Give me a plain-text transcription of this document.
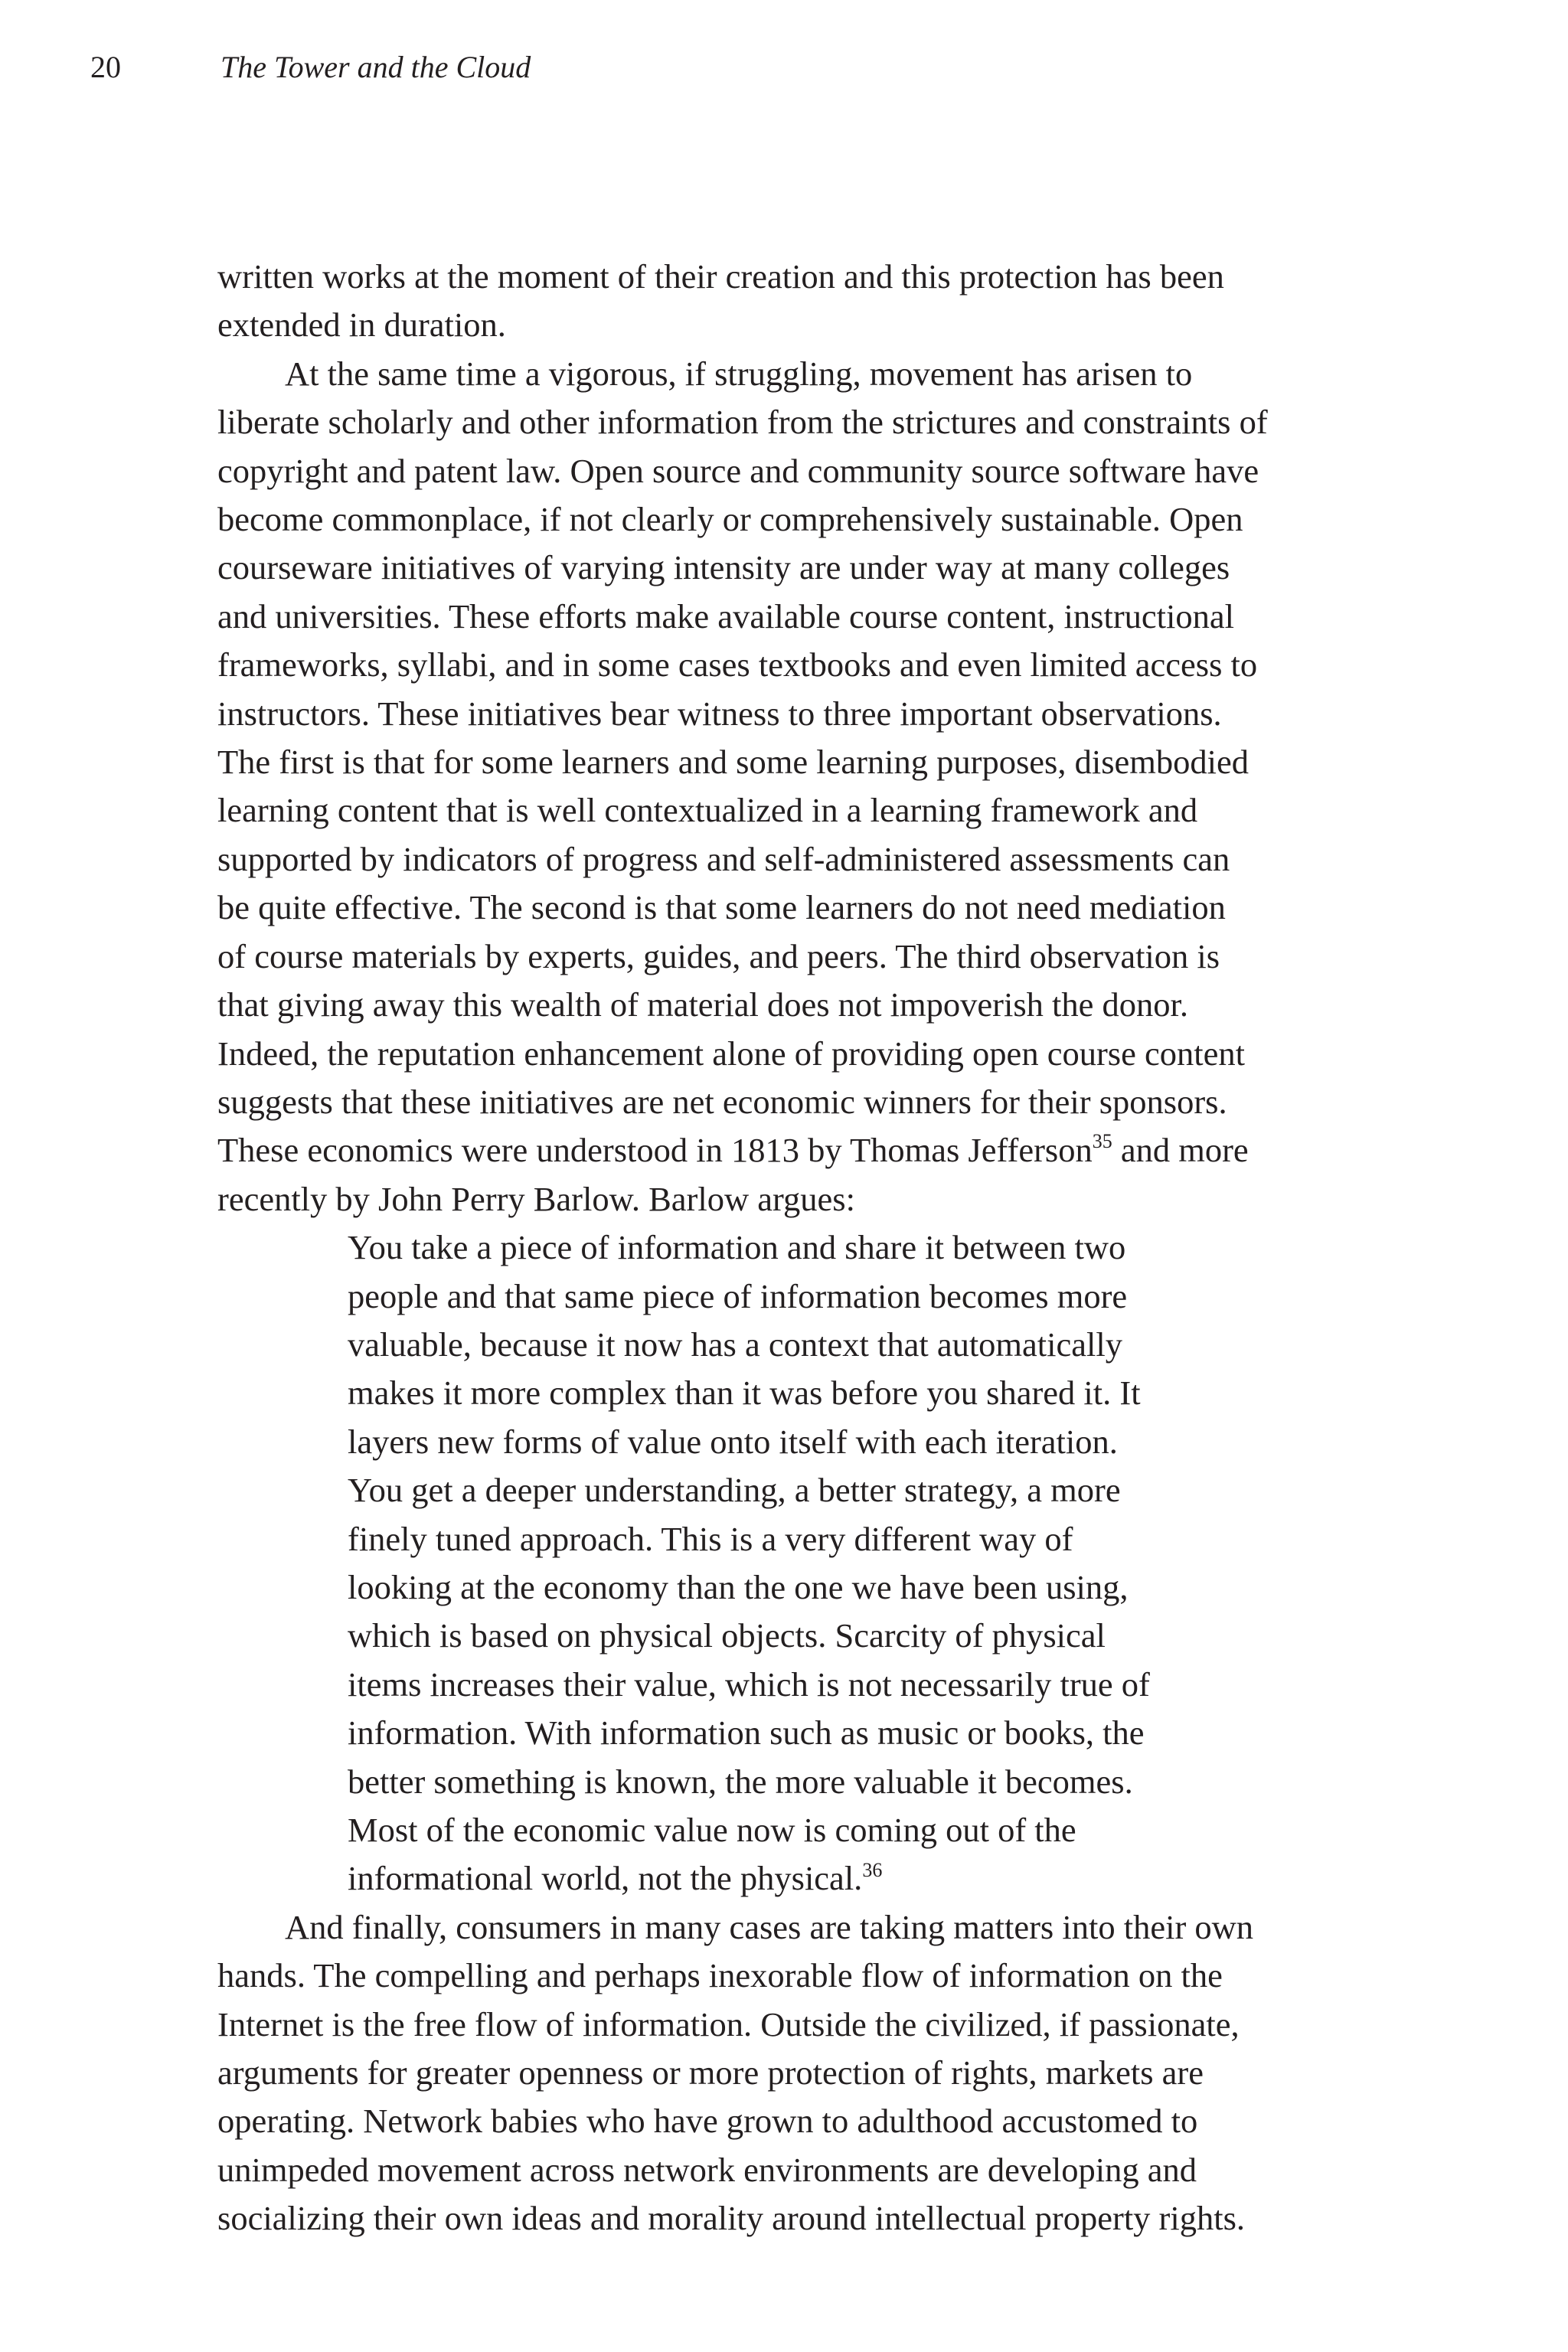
20	The Tower and the Cloud
written works at the moment of their creation and this protection has been
extended in duration.
At the same time a vigorous, if struggling, movement has arisen to
liberate scholarly and other information from the strictures and constraints of
copyright and patent law. Open source and community source software have
become commonplace, if not clearly or comprehensively sustainable. Open
courseware initiatives of varying intensity are under way at many colleges
and universities. These efforts make available course content, instructional
frameworks, syllabi, and in some cases textbooks and even limited access to
instructors. These initiatives bear witness to three important observations.
The first is that for some learners and some learning purposes, disembodied
learning content that is well contextualized in a learning framework and
supported by indicators of progress and self-administered assessments can
be quite effective. The second is that some learners do not need mediation
of course materials by experts, guides, and peers. The third observation is
that giving away this wealth of material does not impoverish the donor.
Indeed, the reputation enhancement alone of providing open course content
suggests that these initiatives are net economic winners for their sponsors.
These economics were understood in 1813 by Thomas Jefferson$^{35}$ and more
recently by John Perry Barlow. Barlow argues:
You take a piece of information and share it between two
people and that same piece of information becomes more
valuable, because it now has a context that automatically
makes it more complex than it was before you shared it. It
layers new forms of value onto itself with each iteration.
You get a deeper understanding, a better strategy, a more
finely tuned approach. This is a very different way of
looking at the economy than the one we have been using,
which is based on physical objects. Scarcity of physical
items increases their value, which is not necessarily true of
information. With information such as music or books, the
better something is known, the more valuable it becomes.
Most of the economic value now is coming out of the
informational world, not the physical.$^{36}$
And finally, consumers in many cases are taking matters into their own
hands. The compelling and perhaps inexorable flow of information on the
Internet is the free flow of information. Outside the civilized, if passionate,
arguments for greater openness or more protection of rights, markets are
operating. Network babies who have grown to adulthood accustomed to
unimpeded movement across network environments are developing and
socializing their own ideas and morality around intellectual property rights.
